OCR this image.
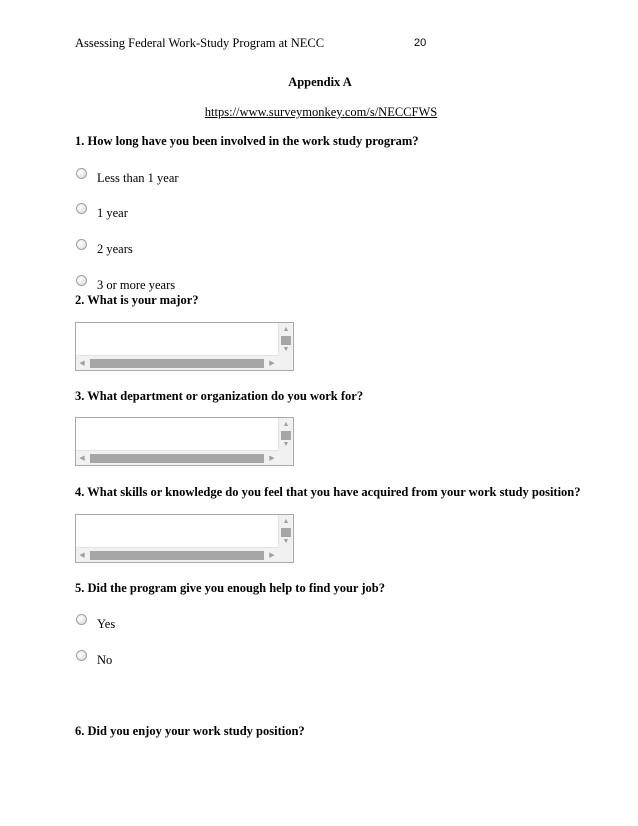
Assessing Federal Work-Study Program at NECC	20
Appendix A
https://www.surveymonkey.com/s/NECCFWS
1. How long have you been involved in the work study program?
Less than 1 year
1 year
2 years
3 or more years
2. What is your major?
▲
▼
◀	▶
3. What department or organization do you work for?
▲
▼
◀	▶
4. What skills or knowledge do you feel that you have acquired from your work study position?
▲
▼
◀	▶
5. Did the program give you enough help to find your job?
Yes
No
6. Did you enjoy your work study position?
